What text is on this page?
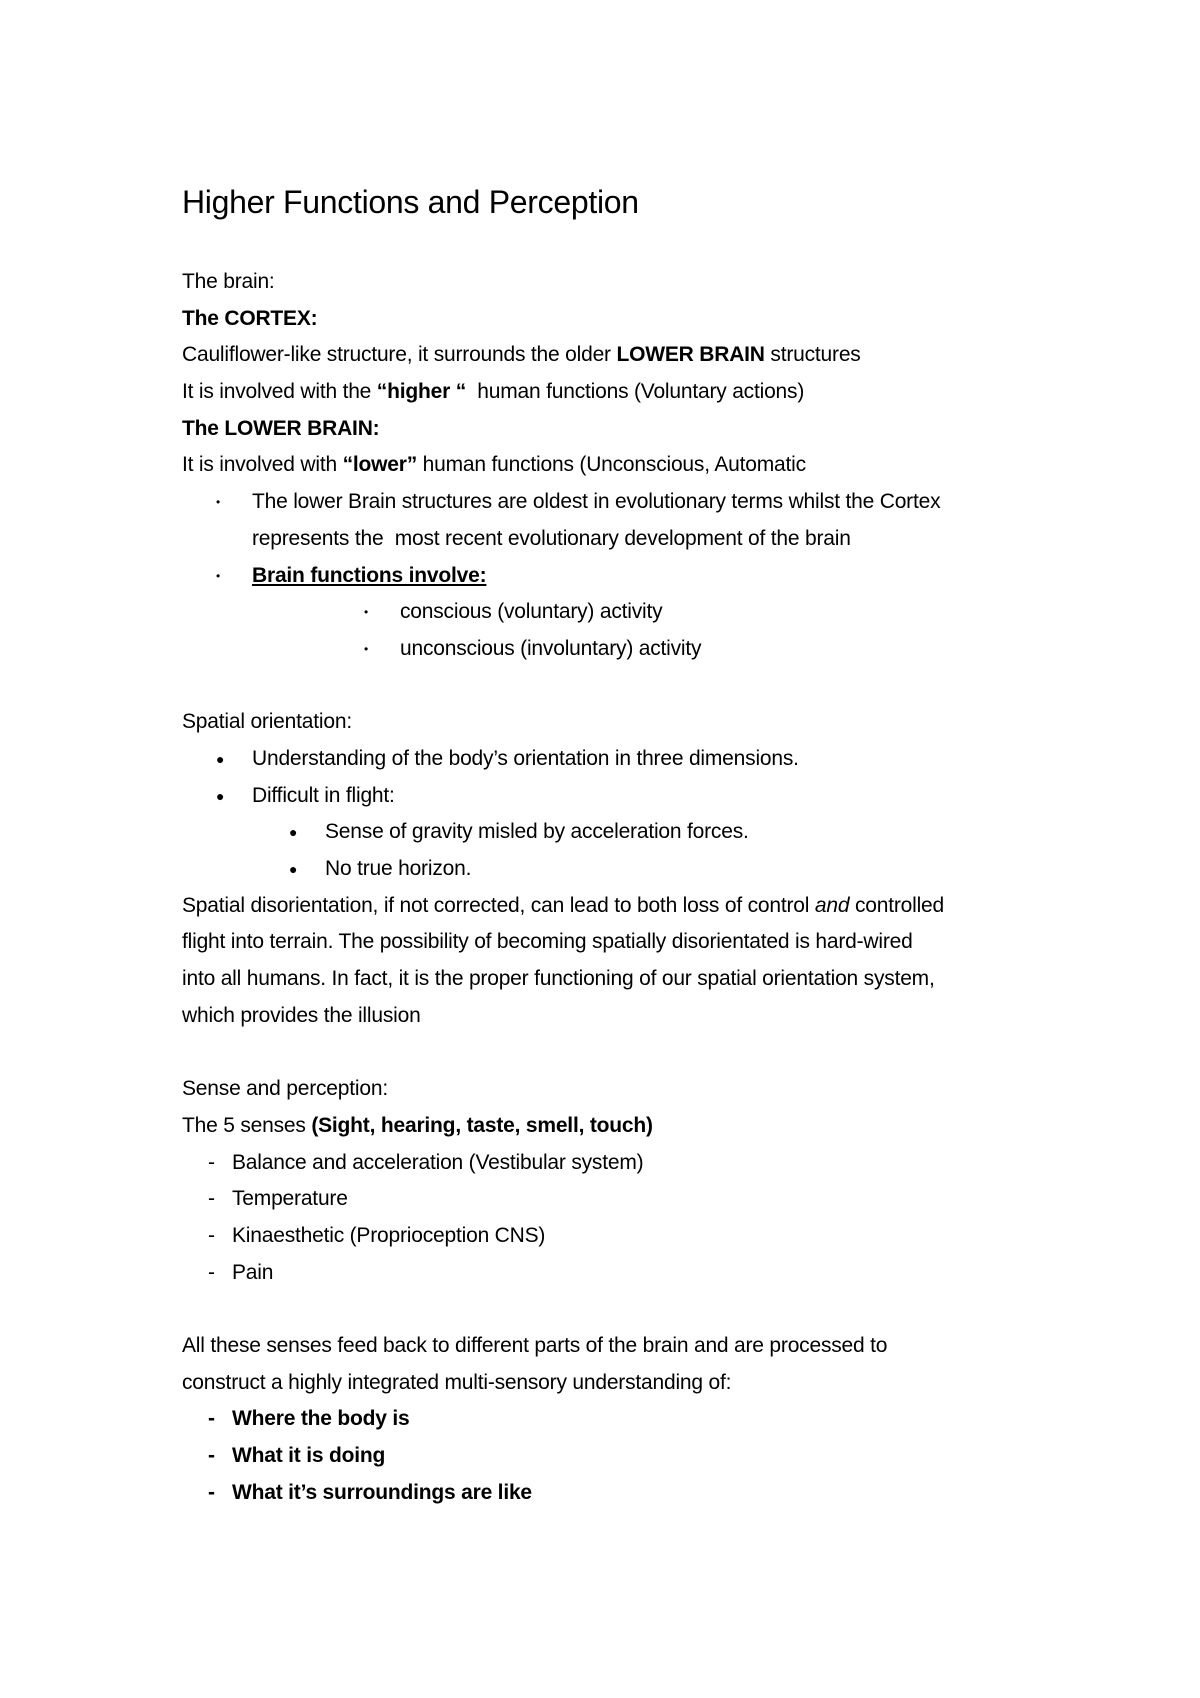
Higher Functions and Perception
The brain:
The CORTEX:
Cauliflower-like structure, it surrounds the older LOWER BRAIN structures
It is involved with the “higher “  human functions (Voluntary actions)
The LOWER BRAIN:
It is involved with “lower” human functions (Unconscious, Automatic
•	The lower Brain structures are oldest in evolutionary terms whilst the Cortex
represents the  most recent evolutionary development of the brain
•	Brain functions involve:
•	conscious (voluntary) activity
•	unconscious (involuntary) activity
Spatial orientation:
●	Understanding of the body’s orientation in three dimensions.
●	Difficult in flight:
●	Sense of gravity misled by acceleration forces.
●	No true horizon.
Spatial disorientation, if not corrected, can lead to both loss of control and controlled
flight into terrain. The possibility of becoming spatially disorientated is hard-wired
into all humans. In fact, it is the proper functioning of our spatial orientation system,
which provides the illusion
Sense and perception:
The 5 senses (Sight, hearing, taste, smell, touch)
- Balance and acceleration (Vestibular system)
- Temperature
- Kinaesthetic (Proprioception CNS)
- Pain
All these senses feed back to different parts of the brain and are processed to
construct a highly integrated multi-sensory understanding of:
- Where the body is
- What it is doing
- What it’s surroundings are like
